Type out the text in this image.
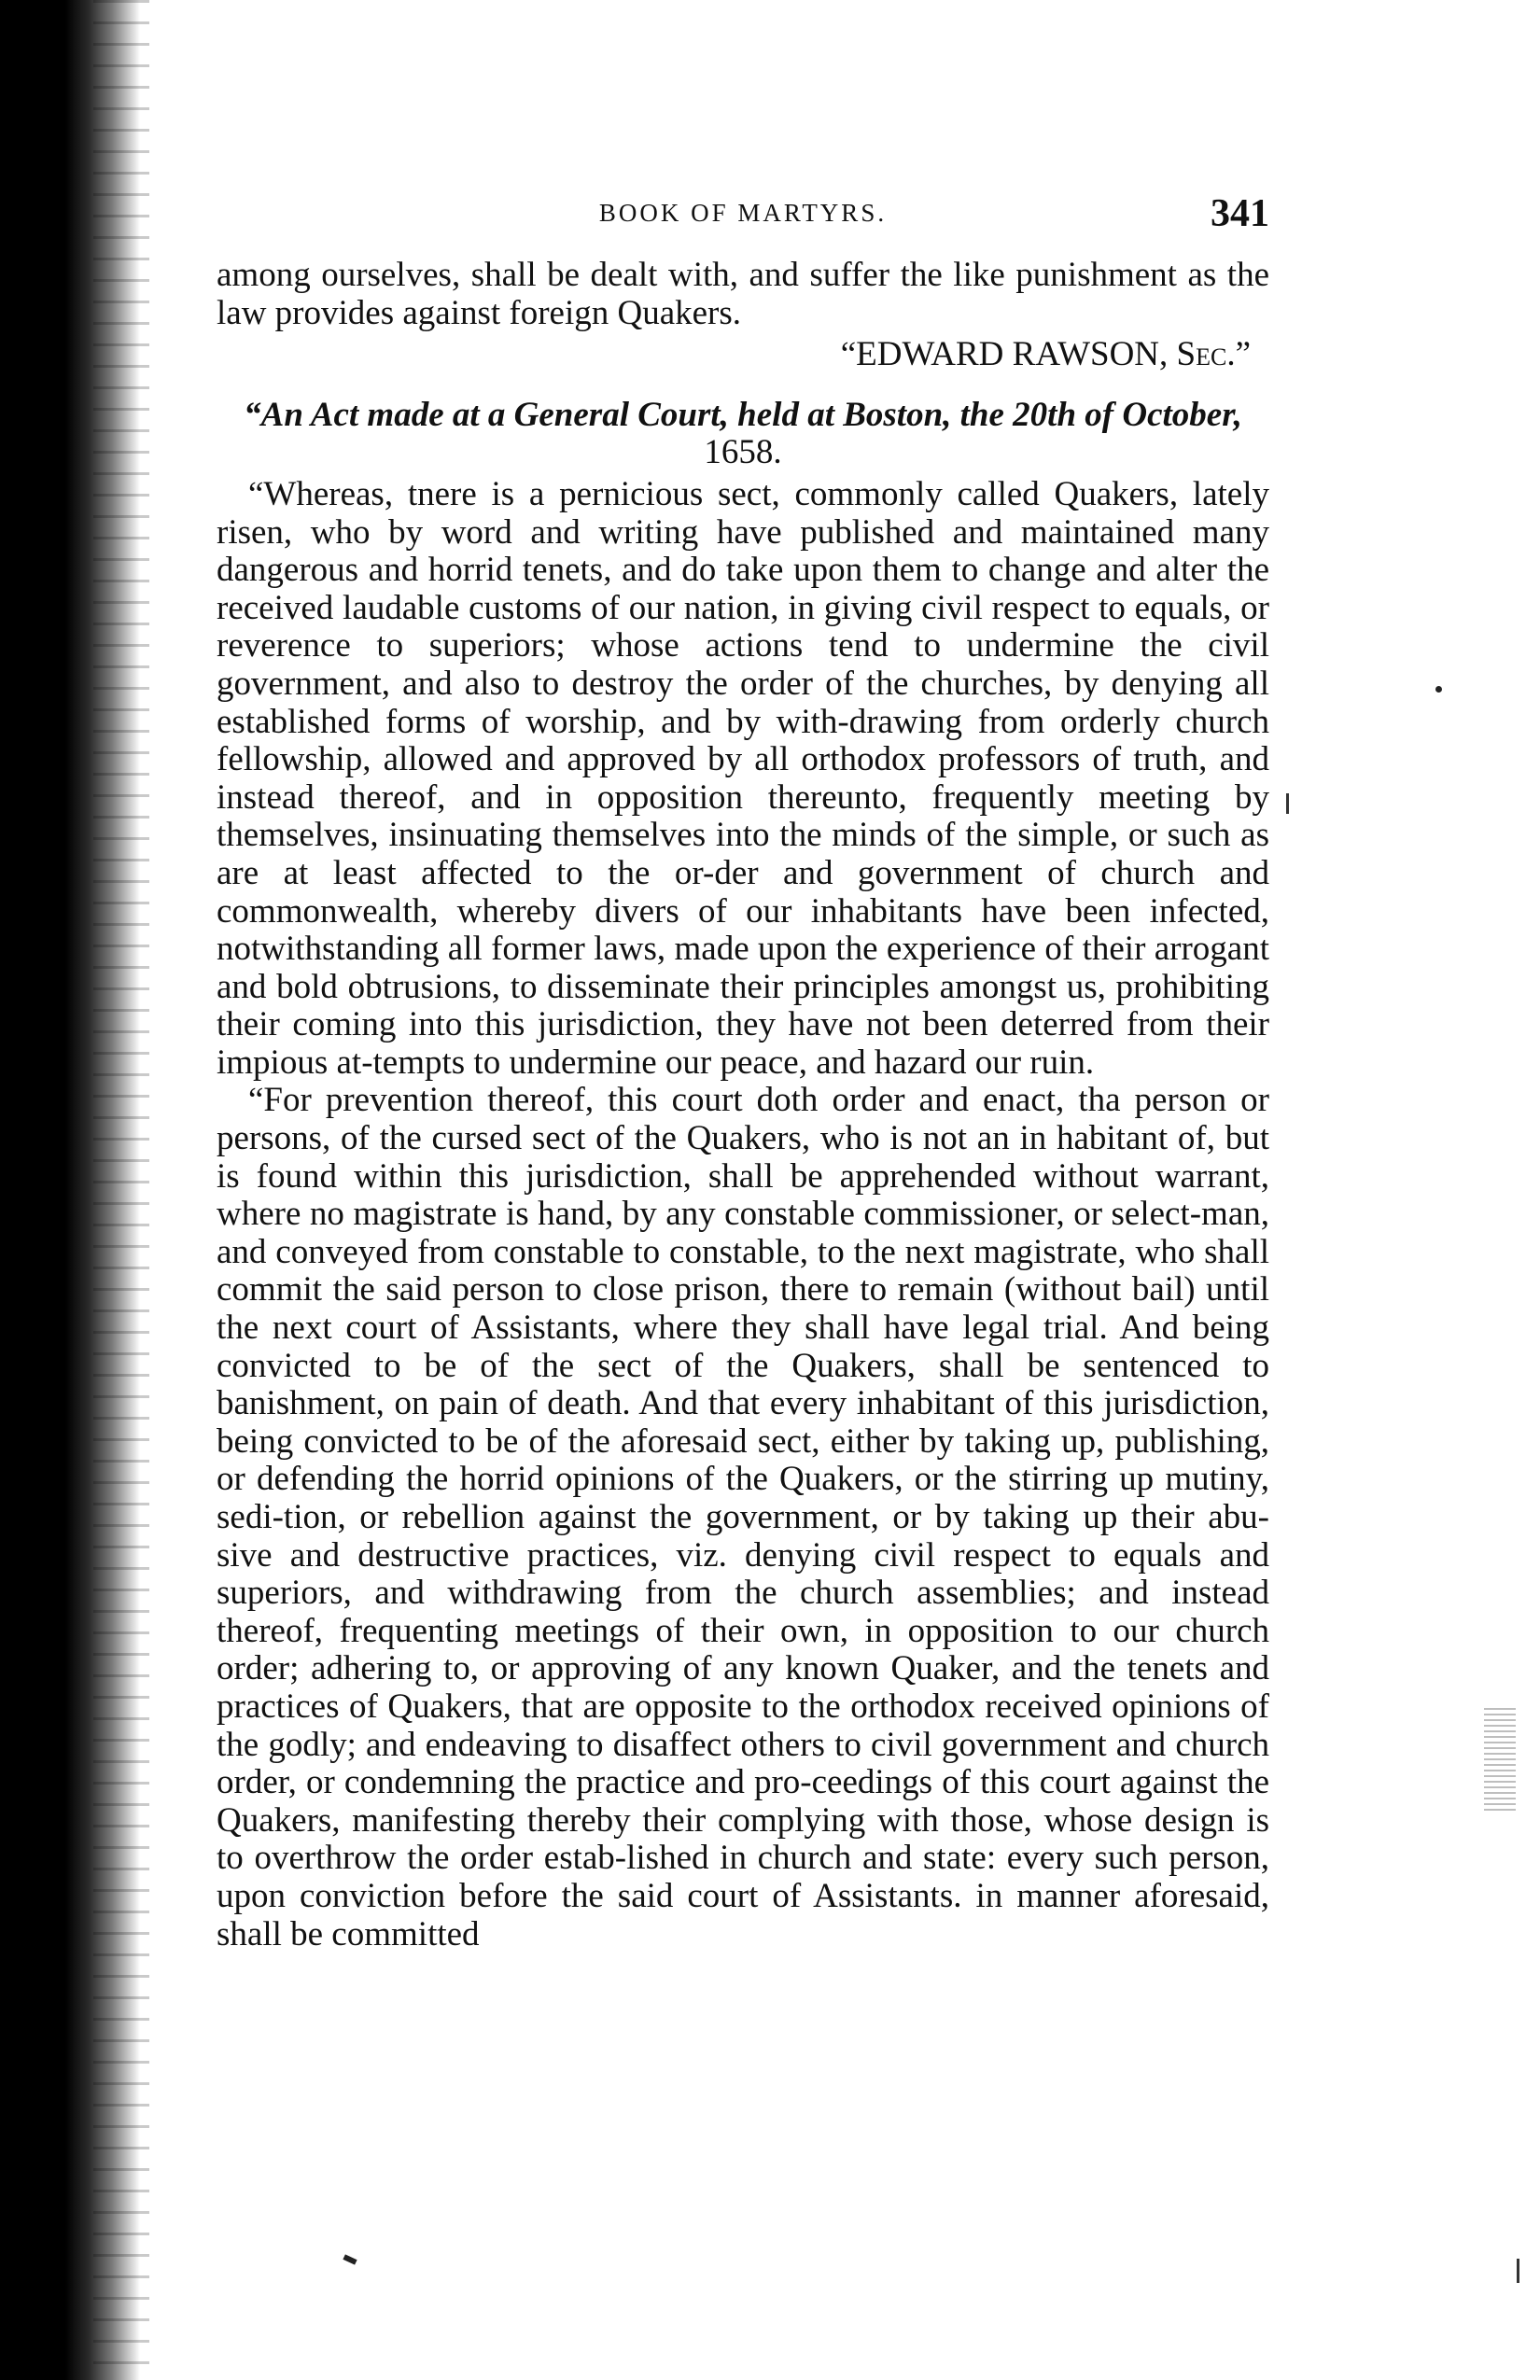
BOOK OF MARTYRS.	341

among ourselves, shall be dealt with, and suffer the like punishment as the law provides against foreign Quakers.

“EDWARD RAWSON, Sec.”
“An Act made at a General Court, held at Boston, the 20th of October, 1658.

“Whereas, tnere is a pernicious sect, commonly called Quakers, lately risen, who by word and writing have published and maintained many dangerous and horrid tenets, and do take upon them to change and alter the received laudable customs of our nation, in giving civil respect to equals, or reverence to superiors; whose actions tend to undermine the civil government, and also to destroy the order of the churches, by denying all established forms of worship, and by with-drawing from orderly church fellowship, allowed and approved by all orthodox professors of truth, and instead thereof, and in opposition thereunto, frequently meeting by themselves, insinuating themselves into the minds of the simple, or such as are at least affected to the or-der and government of church and commonwealth, whereby divers of our inhabitants have been infected, notwithstanding all former laws, made upon the experience of their arrogant and bold obtrusions, to disseminate their principles amongst us, prohibiting their coming into this jurisdiction, they have not been deterred from their impious at-tempts to undermine our peace, and hazard our ruin.

“For prevention thereof, this court doth order and enact, tha person or persons, of the cursed sect of the Quakers, who is not an in habitant of, but is found within this jurisdiction, shall be apprehended without warrant, where no magistrate is hand, by any constable commissioner, or select-man, and conveyed from constable to constable, to the next magistrate, who shall commit the said person to close prison, there to remain (without bail) until the next court of Assistants, where they shall have legal trial. And being convicted to be of the sect of the Quakers, shall be sentenced to banishment, on pain of death. And that every inhabitant of this jurisdiction, being convicted to be of the aforesaid sect, either by taking up, publishing, or defending the horrid opinions of the Quakers, or the stirring up mutiny, sedi-tion, or rebellion against the government, or by taking up their abu-sive and destructive practices, viz. denying civil respect to equals and superiors, and withdrawing from the church assemblies; and instead thereof, frequenting meetings of their own, in opposition to our church order; adhering to, or approving of any known Quaker, and the tenets and practices of Quakers, that are opposite to the orthodox received opinions of the godly; and endeaving to disaffect others to civil government and church order, or condemning the practice and pro-ceedings of this court against the Quakers, manifesting thereby their complying with those, whose design is to overthrow the order estab-lished in church and state: every such person, upon conviction before the said court of Assistants. in manner aforesaid, shall be committed
